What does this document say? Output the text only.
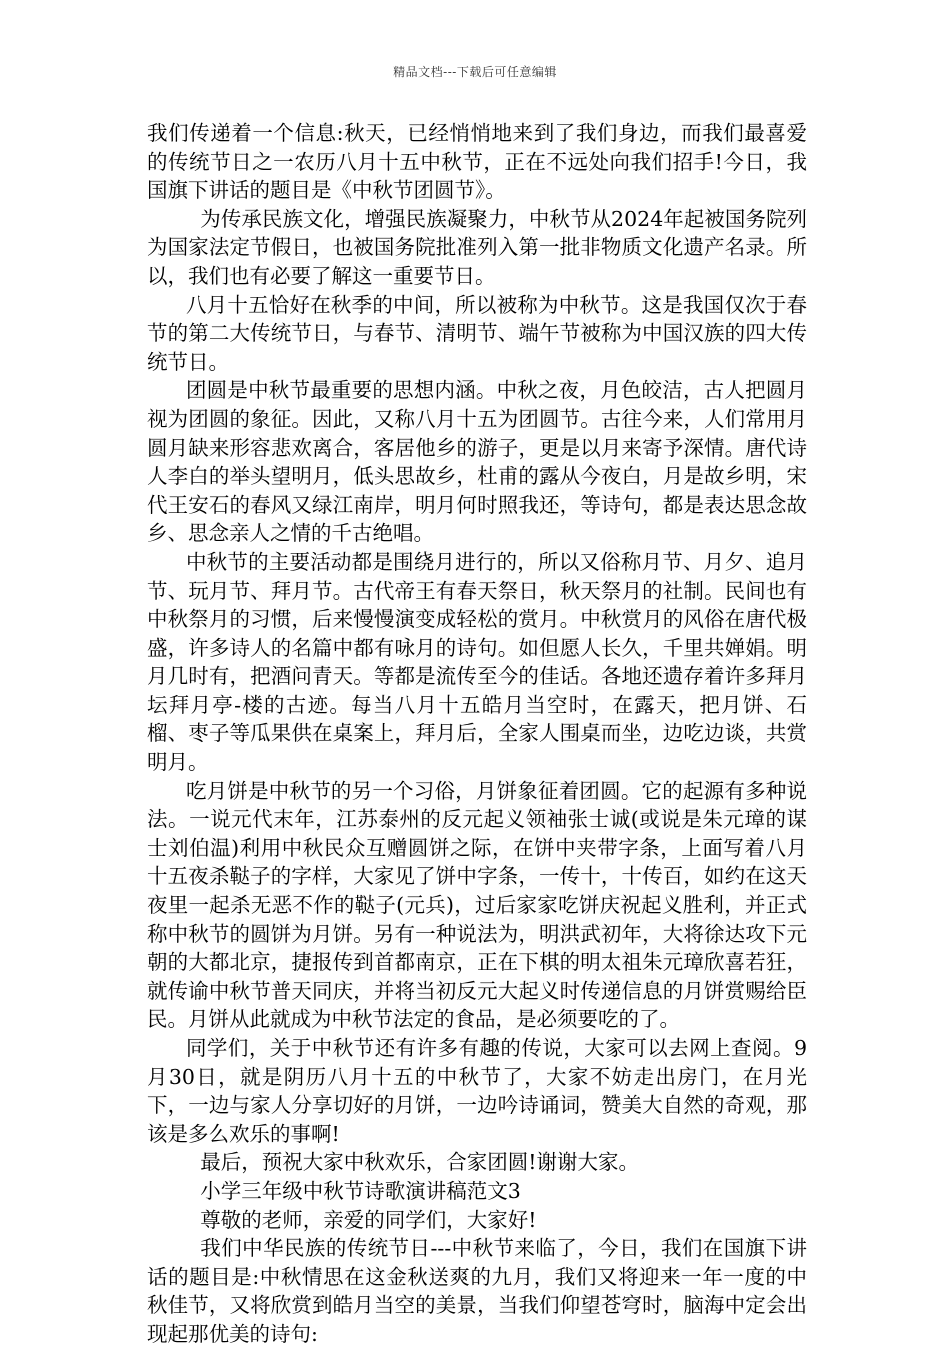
精品文档---下载后可任意编辑

我们传递着一个信息:秋天，已经悄悄地来到了我们身边，而我们最喜爱的传统节日之一农历八月十五中秋节，正在不远处向我们招手!今日，我国旗下讲话的题目是《中秋节团圆节》。

为传承民族文化，增强民族凝聚力，中秋节从2024年起被国务院列为国家法定节假日，也被国务院批准列入第一批非物质文化遗产名录。所以，我们也有必要了解这一重要节日。

八月十五恰好在秋季的中间，所以被称为中秋节。这是我国仅次于春节的第二大传统节日，与春节、清明节、端午节被称为中国汉族的四大传统节日。

团圆是中秋节最重要的思想内涵。中秋之夜，月色皎洁，古人把圆月视为团圆的象征。因此，又称八月十五为团圆节。古往今来，人们常用月圆月缺来形容悲欢离合，客居他乡的游子，更是以月来寄予深情。唐代诗人李白的举头望明月，低头思故乡，杜甫的露从今夜白，月是故乡明，宋代王安石的春风又绿江南岸，明月何时照我还，等诗句，都是表达思念故乡、思念亲人之情的千古绝唱。

中秋节的主要活动都是围绕月进行的，所以又俗称月节、月夕、追月节、玩月节、拜月节。古代帝王有春天祭日，秋天祭月的社制。民间也有中秋祭月的习惯，后来慢慢演变成轻松的赏月。中秋赏月的风俗在唐代极盛，许多诗人的名篇中都有咏月的诗句。如但愿人长久，千里共婵娟。明月几时有，把酒问青天。等都是流传至今的佳话。各地还遗存着许多拜月坛拜月亭-楼的古迹。每当八月十五皓月当空时，在露天，把月饼、石榴、枣子等瓜果供在桌案上，拜月后，全家人围桌而坐，边吃边谈，共赏明月。

吃月饼是中秋节的另一个习俗，月饼象征着团圆。它的起源有多种说法。一说元代末年，江苏泰州的反元起义领袖张士诚(或说是朱元璋的谋士刘伯温)利用中秋民众互赠圆饼之际，在饼中夹带字条，上面写着八月十五夜杀鞑子的字样，大家见了饼中字条，一传十，十传百，如约在这天夜里一起杀无恶不作的鞑子(元兵)，过后家家吃饼庆祝起义胜利，并正式称中秋节的圆饼为月饼。另有一种说法为，明洪武初年，大将徐达攻下元朝的大都北京，捷报传到首都南京，正在下棋的明太祖朱元璋欣喜若狂，就传谕中秋节普天同庆，并将当初反元大起义时传递信息的月饼赏赐给臣民。月饼从此就成为中秋节法定的食品，是必须要吃的了。

同学们，关于中秋节还有许多有趣的传说，大家可以去网上查阅。9月30日，就是阴历八月十五的中秋节了，大家不妨走出房门，在月光下，一边与家人分享切好的月饼，一边吟诗诵词，赞美大自然的奇观，那该是多么欢乐的事啊!

最后，预祝大家中秋欢乐，合家团圆!谢谢大家。

小学三年级中秋节诗歌演讲稿范文3

尊敬的老师，亲爱的同学们，大家好!

我们中华民族的传统节日---中秋节来临了，今日，我们在国旗下讲话的题目是:中秋情思在这金秋送爽的九月，我们又将迎来一年一度的中秋佳节，又将欣赏到皓月当空的美景，当我们仰望苍穹时，脑海中定会出现起那优美的诗句:
